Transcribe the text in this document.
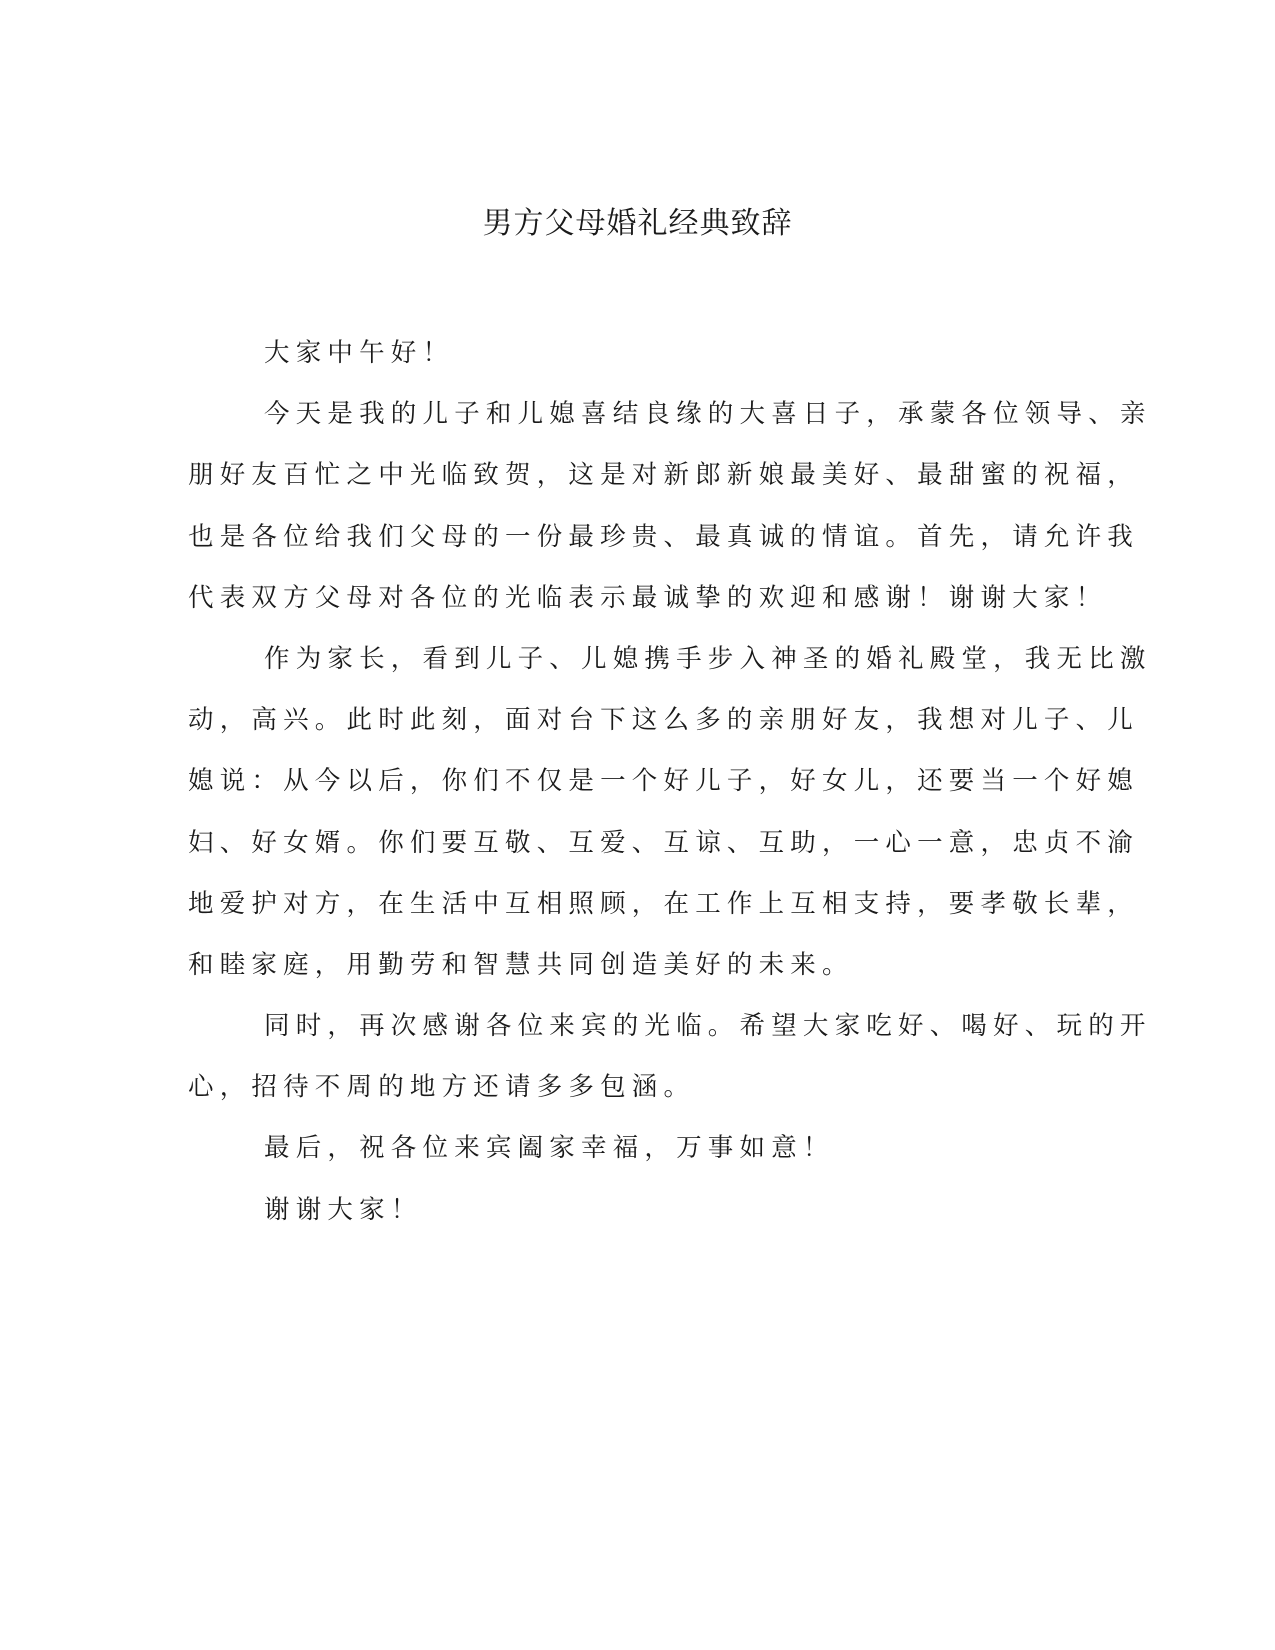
男方父母婚礼经典致辞
大家中午好！
今天是我的儿子和儿媳喜结良缘的大喜日子，承蒙各位领导、亲
朋好友百忙之中光临致贺，这是对新郎新娘最美好、最甜蜜的祝福，
也是各位给我们父母的一份最珍贵、最真诚的情谊。首先，请允许我
代表双方父母对各位的光临表示最诚挚的欢迎和感谢！谢谢大家！
作为家长，看到儿子、儿媳携手步入神圣的婚礼殿堂，我无比激
动，高兴。此时此刻，面对台下这么多的亲朋好友，我想对儿子、儿
媳说：从今以后，你们不仅是一个好儿子，好女儿，还要当一个好媳
妇、好女婿。你们要互敬、互爱、互谅、互助，一心一意，忠贞不渝
地爱护对方，在生活中互相照顾，在工作上互相支持，要孝敬长辈，
和睦家庭，用勤劳和智慧共同创造美好的未来。
同时，再次感谢各位来宾的光临。希望大家吃好、喝好、玩的开
心，招待不周的地方还请多多包涵。
最后，祝各位来宾阖家幸福，万事如意！
谢谢大家！
